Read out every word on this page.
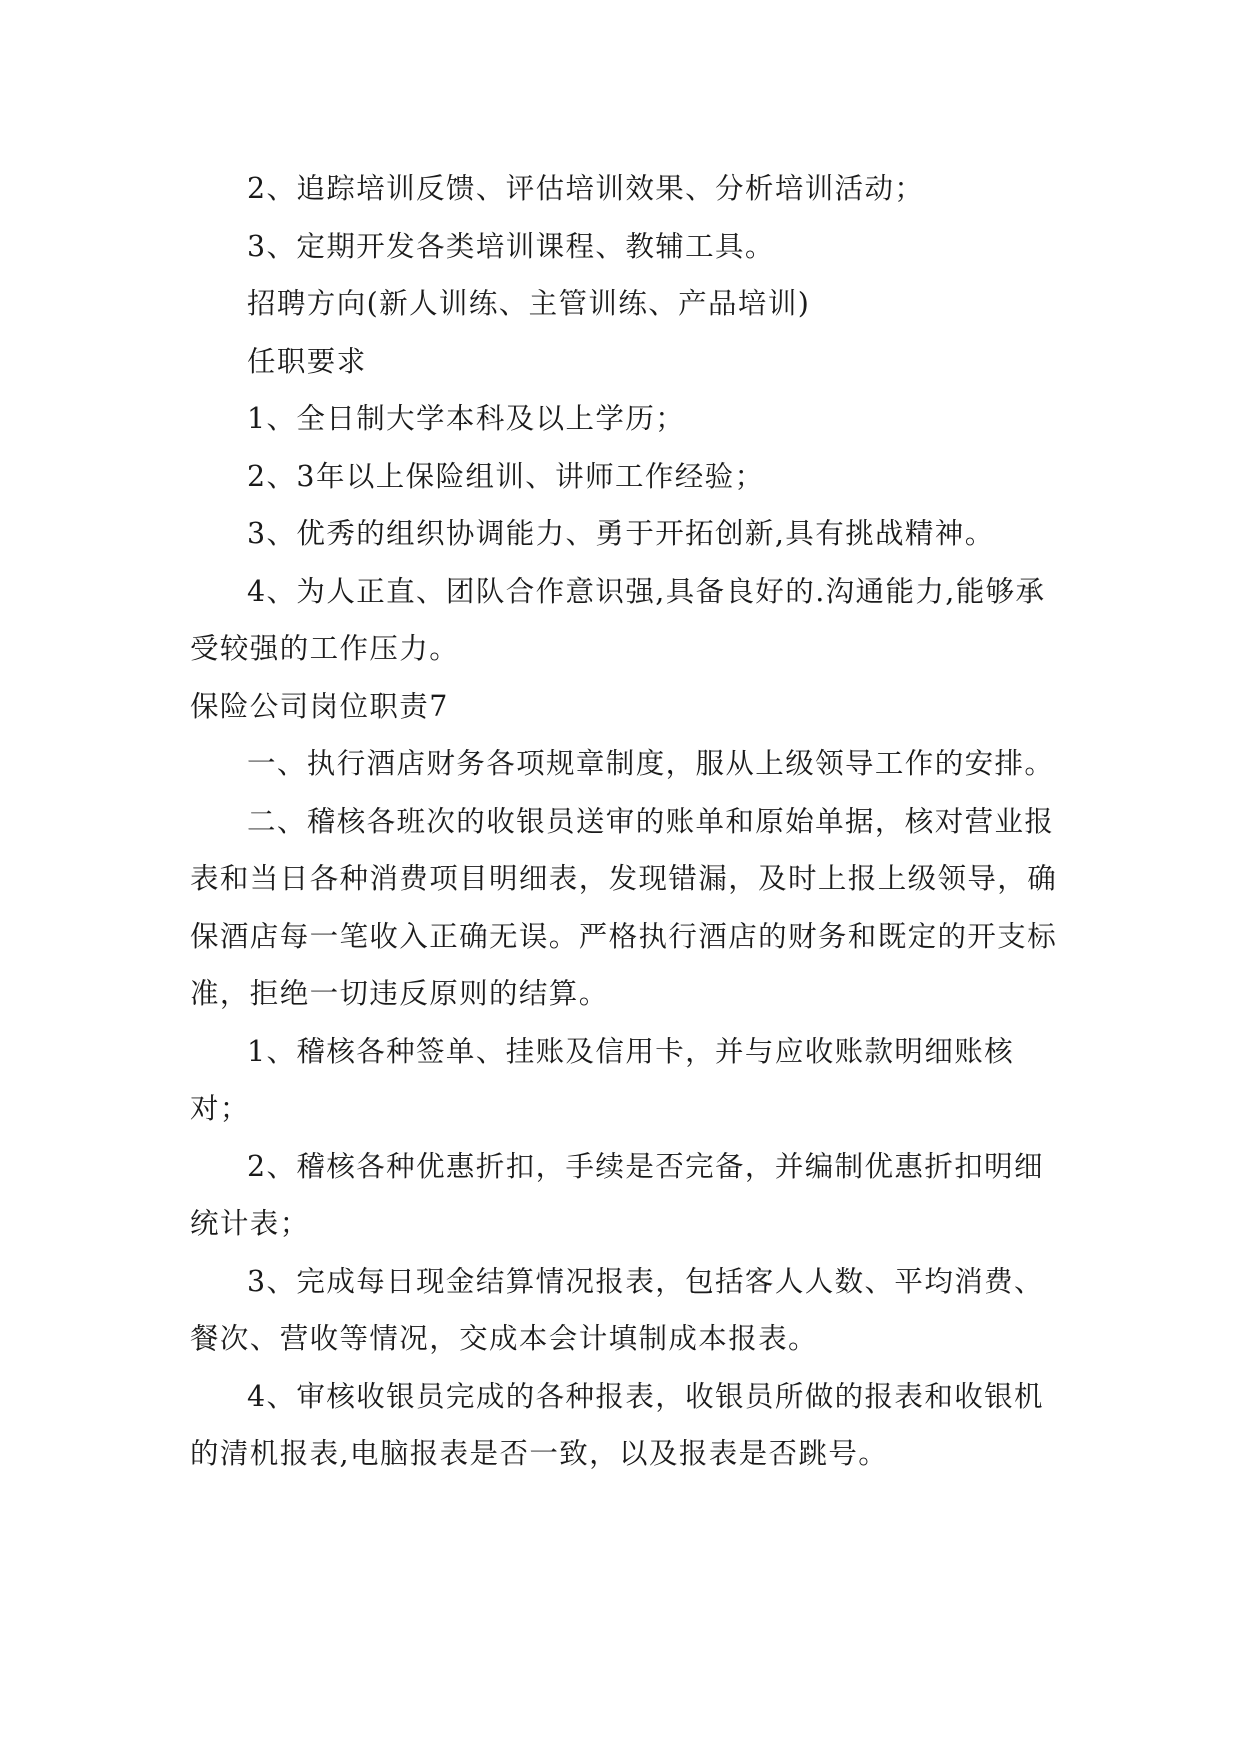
2、追踪培训反馈、评估培训效果、分析培训活动；

3、定期开发各类培训课程、教辅工具。

招聘方向(新人训练、主管训练、产品培训)

任职要求

1、全日制大学本科及以上学历；

2、3年以上保险组训、讲师工作经验；

3、优秀的组织协调能力、勇于开拓创新,具有挑战精神。

4、为人正直、团队合作意识强,具备良好的.沟通能力,能够承受较强的工作压力。

保险公司岗位职责7

一、执行酒店财务各项规章制度，服从上级领导工作的安排。

二、稽核各班次的收银员送审的账单和原始单据，核对营业报表和当日各种消费项目明细表，发现错漏，及时上报上级领导，确保酒店每一笔收入正确无误。严格执行酒店的财务和既定的开支标准，拒绝一切违反原则的结算。

1、稽核各种签单、挂账及信用卡，并与应收账款明细账核对；

2、稽核各种优惠折扣，手续是否完备，并编制优惠折扣明细统计表；

3、完成每日现金结算情况报表，包括客人人数、平均消费、餐次、营收等情况，交成本会计填制成本报表。

4、审核收银员完成的各种报表，收银员所做的报表和收银机的清机报表,电脑报表是否一致，以及报表是否跳号。
